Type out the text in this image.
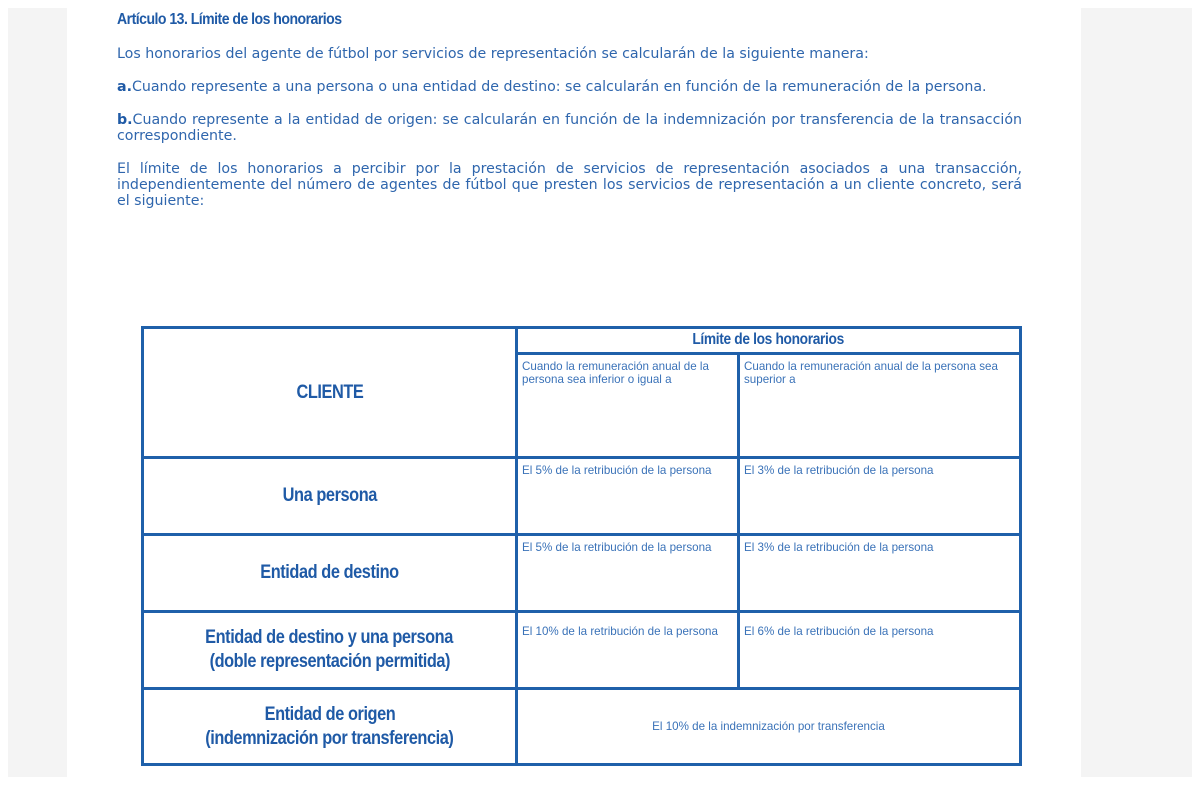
Artículo 13. Límite de los honorarios

Los honorarios del agente de fútbol por servicios de representación se calcularán de la siguiente manera:

a.Cuando represente a una persona o una entidad de destino: se calcularán en función de la remuneración de la persona.

b.Cuando represente a la entidad de origen: se calcularán en función de la indemnización por transferencia de la transacción correspondiente.

El límite de los honorarios a percibir por la prestación de servicios de representación asociados a una transacción, independientemente del número de agentes de fútbol que presten los servicios de representación a un cliente concreto, será el siguiente:

CLIENTE	Límite de los honorarios	
	Cuando la remuneración anual de la persona sea inferior o igual a	Cuando la remuneración anual de la persona sea superior a
Una persona	El 5% de la retribución de la persona	El 3% de la retribución de la persona
Entidad de destino	El 5% de la retribución de la persona	El 3% de la retribución de la persona
Entidad de destino y una persona
(doble representación permitida)	El 10% de la retribución de la persona	El 6% de la retribución de la persona
Entidad de origen
(indemnización por transferencia)	El 10% de la indemnización por transferencia	
